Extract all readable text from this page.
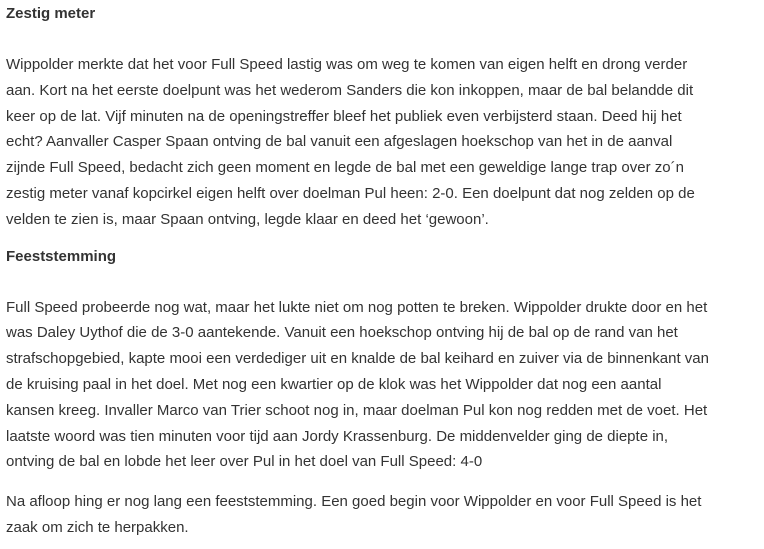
Zestig meter

Wippolder merkte dat het voor Full Speed lastig was om weg te komen van eigen helft en drong verder
aan. Kort na het eerste doelpunt was het wederom Sanders die kon inkoppen, maar de bal belandde dit
keer op de lat. Vijf minuten na de openingstreffer bleef het publiek even verbijsterd staan. Deed hij het
echt? Aanvaller Casper Spaan ontving de bal vanuit een afgeslagen hoekschop van het in de aanval
zijnde Full Speed, bedacht zich geen moment en legde de bal met een geweldige lange trap over zo´n
zestig meter vanaf kopcirkel eigen helft over doelman Pul heen: 2-0. Een doelpunt dat nog zelden op de
velden te zien is, maar Spaan ontving, legde klaar en deed het ‘gewoon’.

Feeststemming

Full Speed probeerde nog wat, maar het lukte niet om nog potten te breken. Wippolder drukte door en het
was Daley Uythof die de 3-0 aantekende. Vanuit een hoekschop ontving hij de bal op de rand van het
strafschopgebied, kapte mooi een verdediger uit en knalde de bal keihard en zuiver via de binnenkant van
de kruising paal in het doel. Met nog een kwartier op de klok was het Wippolder dat nog een aantal
kansen kreeg. Invaller Marco van Trier schoot nog in, maar doelman Pul kon nog redden met de voet. Het
laatste woord was tien minuten voor tijd aan Jordy Krassenburg. De middenvelder ging de diepte in,
ontving de bal en lobde het leer over Pul in het doel van Full Speed: 4-0

Na afloop hing er nog lang een feeststemming. Een goed begin voor Wippolder en voor Full Speed is het
zaak om zich te herpakken.
